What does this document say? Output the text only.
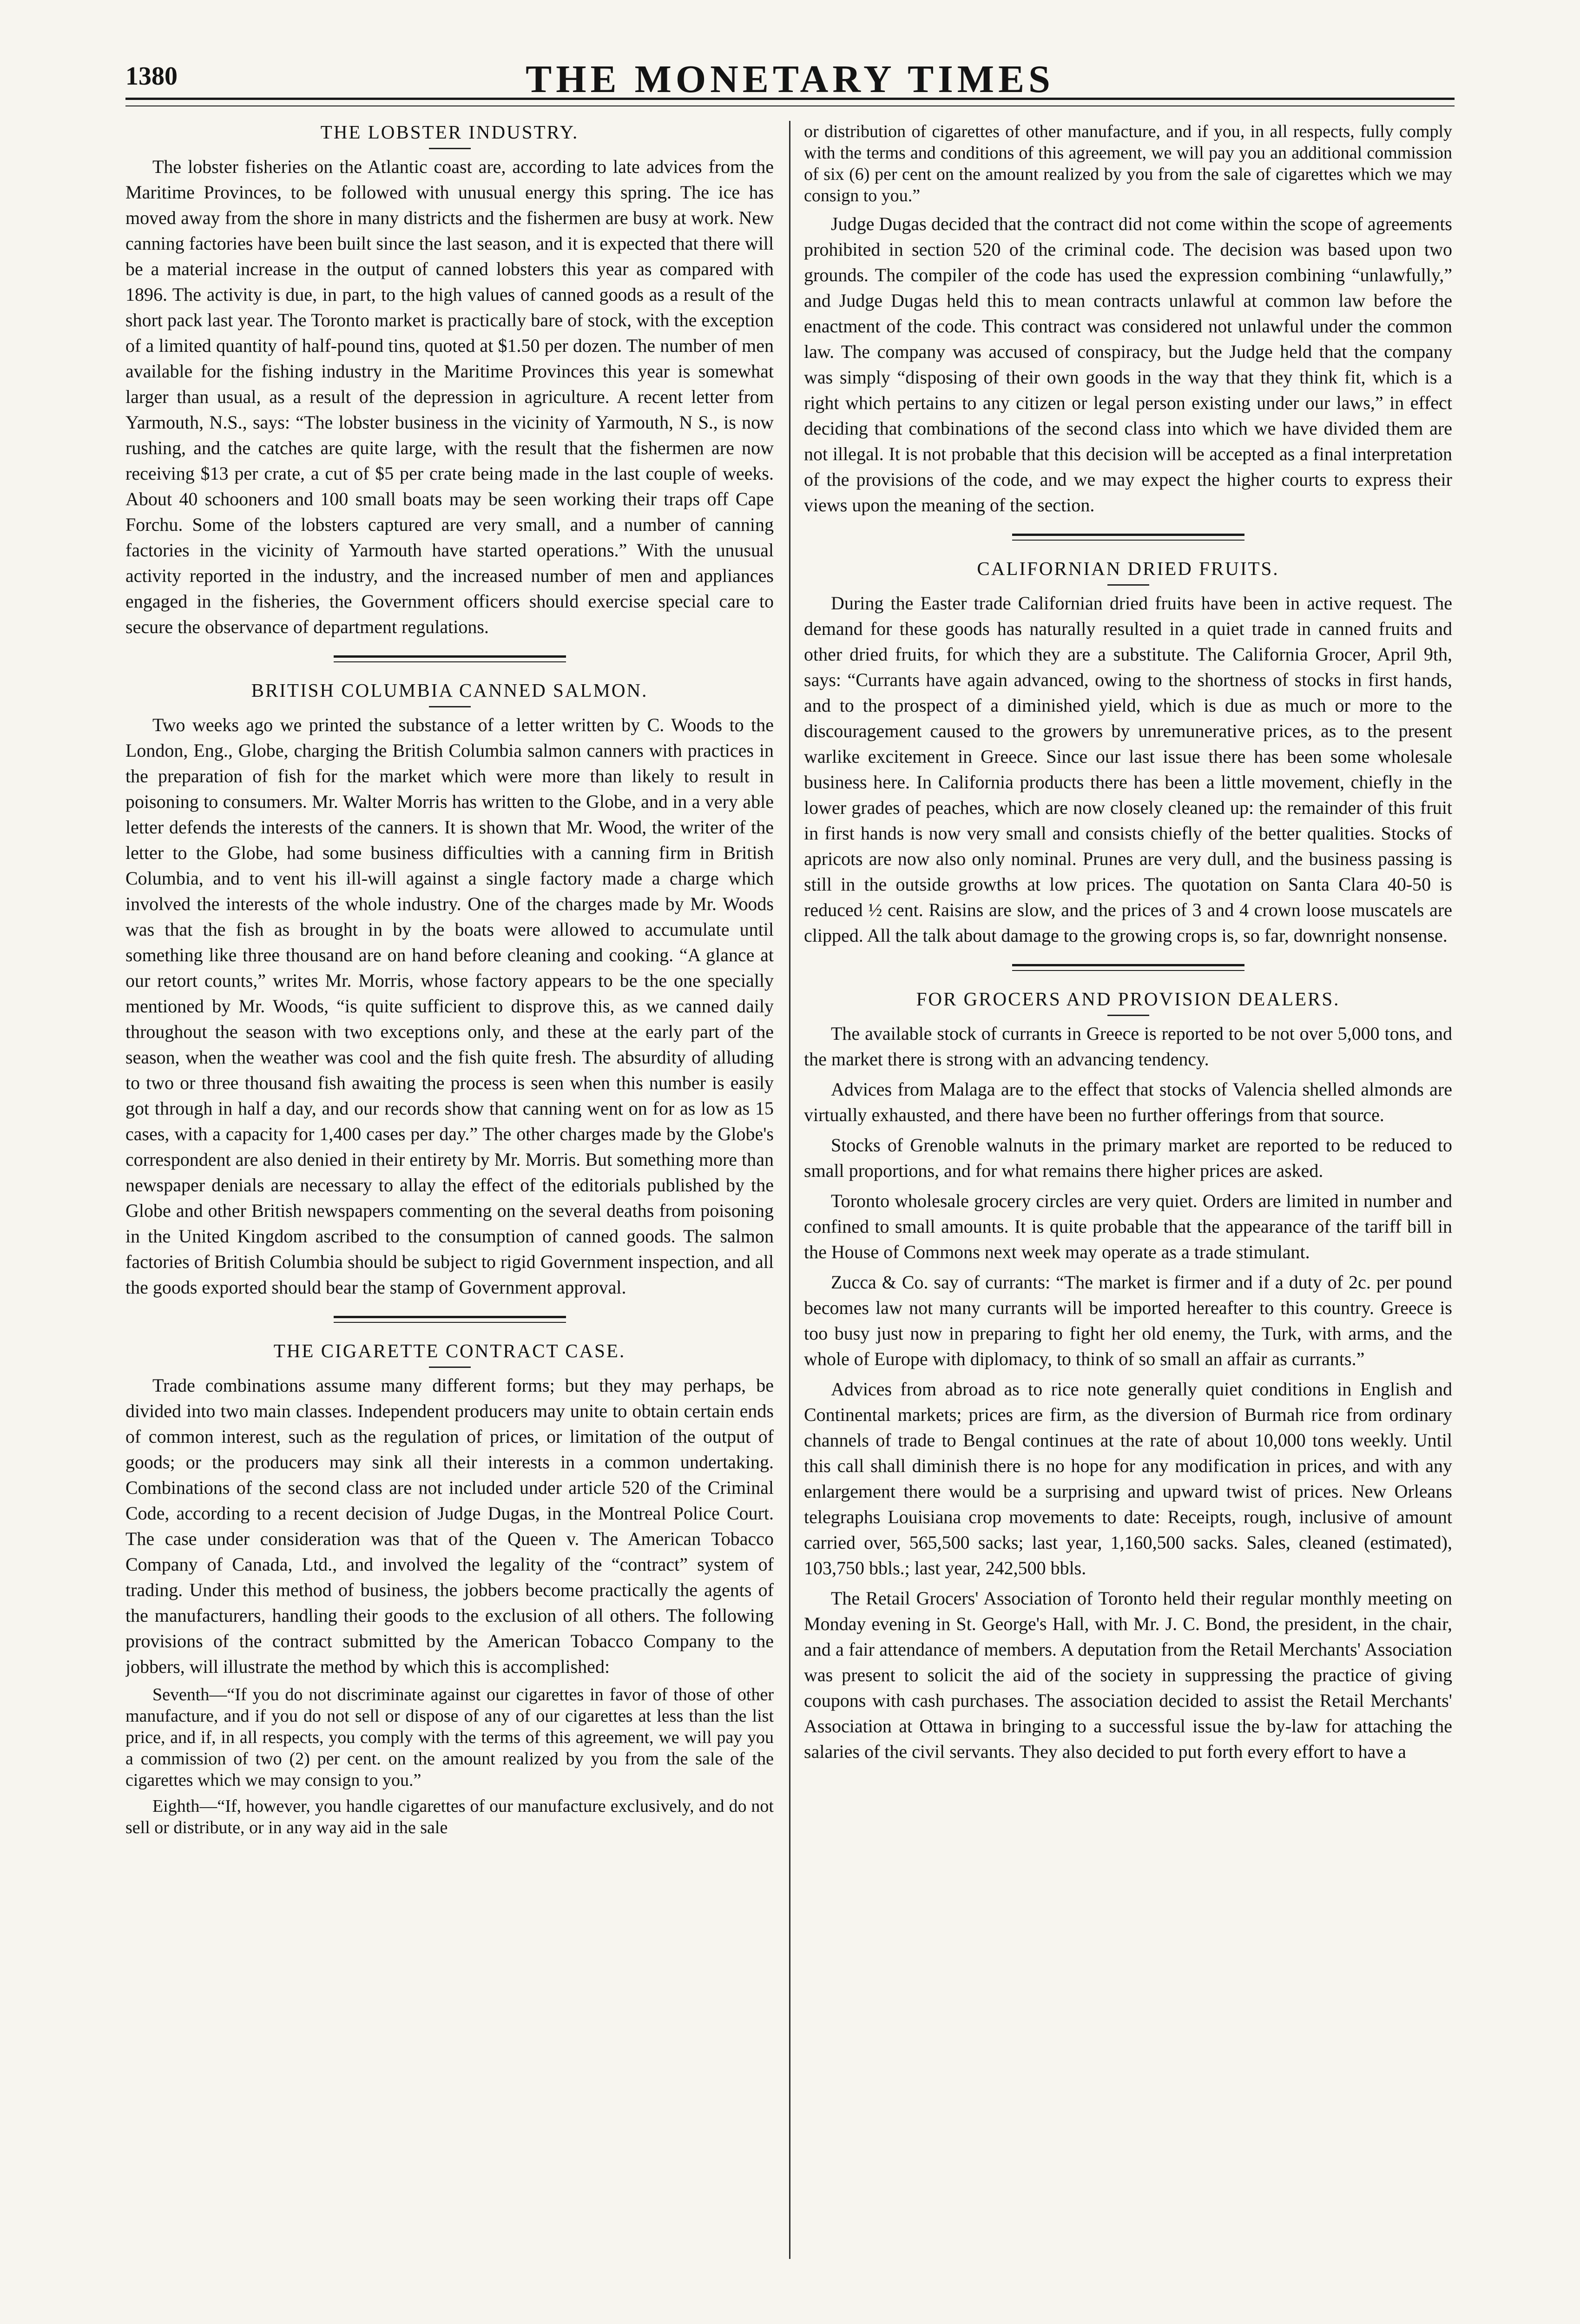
1380	THE MONETARY TIMES
THE LOBSTER INDUSTRY.

The lobster fisheries on the Atlantic coast are, according to late advices from the Maritime Provinces, to be followed with unusual energy this spring. The ice has moved away from the shore in many districts and the fishermen are busy at work. New canning factories have been built since the last season, and it is expected that there will be a material increase in the output of canned lobsters this year as compared with 1896. The activity is due, in part, to the high values of canned goods as a result of the short pack last year. The Toronto market is practically bare of stock, with the exception of a limited quantity of half-pound tins, quoted at $1.50 per dozen. The number of men available for the fishing industry in the Maritime Provinces this year is somewhat larger than usual, as a result of the depression in agriculture. A recent letter from Yarmouth, N.S., says: “The lobster business in the vicinity of Yarmouth, N S., is now rushing, and the catches are quite large, with the result that the fishermen are now receiving $13 per crate, a cut of $5 per crate being made in the last couple of weeks. About 40 schooners and 100 small boats may be seen working their traps off Cape Forchu. Some of the lobsters captured are very small, and a number of canning factories in the vicinity of Yarmouth have started operations.” With the unusual activity reported in the industry, and the increased number of men and appliances engaged in the fisheries, the Government officers should exercise special care to secure the observance of department regulations.

BRITISH COLUMBIA CANNED SALMON.

Two weeks ago we printed the substance of a letter written by C. Woods to the London, Eng., Globe, charging the British Columbia salmon canners with practices in the preparation of fish for the market which were more than likely to result in poisoning to consumers. Mr. Walter Morris has written to the Globe, and in a very able letter defends the interests of the canners. It is shown that Mr. Wood, the writer of the letter to the Globe, had some business difficulties with a canning firm in British Columbia, and to vent his ill-will against a single factory made a charge which involved the interests of the whole industry. One of the charges made by Mr. Woods was that the fish as brought in by the boats were allowed to accumulate until something like three thousand are on hand before cleaning and cooking. “A glance at our retort counts,” writes Mr. Morris, whose factory appears to be the one specially mentioned by Mr. Woods, “is quite sufficient to disprove this, as we canned daily throughout the season with two exceptions only, and these at the early part of the season, when the weather was cool and the fish quite fresh. The absurdity of alluding to two or three thousand fish awaiting the process is seen when this number is easily got through in half a day, and our records show that canning went on for as low as 15 cases, with a capacity for 1,400 cases per day.” The other charges made by the Globe's correspondent are also denied in their entirety by Mr. Morris. But something more than newspaper denials are necessary to allay the effect of the editorials published by the Globe and other British newspapers commenting on the several deaths from poisoning in the United Kingdom ascribed to the consumption of canned goods. The salmon factories of British Columbia should be subject to rigid Government inspection, and all the goods exported should bear the stamp of Government approval.

THE CIGARETTE CONTRACT CASE.

Trade combinations assume many different forms; but they may perhaps, be divided into two main classes. Independent producers may unite to obtain certain ends of common interest, such as the regulation of prices, or limitation of the output of goods; or the producers may sink all their interests in a common undertaking. Combinations of the second class are not included under article 520 of the Criminal Code, according to a recent decision of Judge Dugas, in the Montreal Police Court. The case under consideration was that of the Queen v. The American Tobacco Company of Canada, Ltd., and involved the legality of the “contract” system of trading. Under this method of business, the jobbers become practically the agents of the manufacturers, handling their goods to the exclusion of all others. The following provisions of the contract submitted by the American Tobacco Company to the jobbers, will illustrate the method by which this is accomplished:

Seventh—“If you do not discriminate against our cigarettes in favor of those of other manufacture, and if you do not sell or dispose of any of our cigarettes at less than the list price, and if, in all respects, you comply with the terms of this agreement, we will pay you a commission of two (2) per cent. on the amount realized by you from the sale of the cigarettes which we may consign to you.”

Eighth—“If, however, you handle cigarettes of our manufacture exclusively, and do not sell or distribute, or in any way aid in the sale

or distribution of cigarettes of other manufacture, and if you, in all respects, fully comply with the terms and conditions of this agreement, we will pay you an additional commission of six (6) per cent on the amount realized by you from the sale of cigarettes which we may consign to you.”

Judge Dugas decided that the contract did not come within the scope of agreements prohibited in section 520 of the criminal code. The decision was based upon two grounds. The compiler of the code has used the expression combining “unlawfully,” and Judge Dugas held this to mean contracts unlawful at common law before the enactment of the code. This contract was considered not unlawful under the common law. The company was accused of conspiracy, but the Judge held that the company was simply “disposing of their own goods in the way that they think fit, which is a right which pertains to any citizen or legal person existing under our laws,” in effect deciding that combinations of the second class into which we have divided them are not illegal. It is not probable that this decision will be accepted as a final interpretation of the provisions of the code, and we may expect the higher courts to express their views upon the meaning of the section.

CALIFORNIAN DRIED FRUITS.

During the Easter trade Californian dried fruits have been in active request. The demand for these goods has naturally resulted in a quiet trade in canned fruits and other dried fruits, for which they are a substitute. The California Grocer, April 9th, says: “Currants have again advanced, owing to the shortness of stocks in first hands, and to the prospect of a diminished yield, which is due as much or more to the discouragement caused to the growers by unremunerative prices, as to the present warlike excitement in Greece. Since our last issue there has been some wholesale business here. In California products there has been a little movement, chiefly in the lower grades of peaches, which are now closely cleaned up: the remainder of this fruit in first hands is now very small and consists chiefly of the better qualities. Stocks of apricots are now also only nominal. Prunes are very dull, and the business passing is still in the outside growths at low prices. The quotation on Santa Clara 40-50 is reduced ½ cent. Raisins are slow, and the prices of 3 and 4 crown loose muscatels are clipped. All the talk about damage to the growing crops is, so far, downright nonsense.

FOR GROCERS AND PROVISION DEALERS.

The available stock of currants in Greece is reported to be not over 5,000 tons, and the market there is strong with an advancing tendency.

Advices from Malaga are to the effect that stocks of Valencia shelled almonds are virtually exhausted, and there have been no further offerings from that source.

Stocks of Grenoble walnuts in the primary market are reported to be reduced to small proportions, and for what remains there higher prices are asked.

Toronto wholesale grocery circles are very quiet. Orders are limited in number and confined to small amounts. It is quite probable that the appearance of the tariff bill in the House of Commons next week may operate as a trade stimulant.

Zucca & Co. say of currants: “The market is firmer and if a duty of 2c. per pound becomes law not many currants will be imported hereafter to this country. Greece is too busy just now in preparing to fight her old enemy, the Turk, with arms, and the whole of Europe with diplomacy, to think of so small an affair as currants.”

Advices from abroad as to rice note generally quiet conditions in English and Continental markets; prices are firm, as the diversion of Burmah rice from ordinary channels of trade to Bengal continues at the rate of about 10,000 tons weekly. Until this call shall diminish there is no hope for any modification in prices, and with any enlargement there would be a surprising and upward twist of prices. New Orleans telegraphs Louisiana crop movements to date: Receipts, rough, inclusive of amount carried over, 565,500 sacks; last year, 1,160,500 sacks. Sales, cleaned (estimated), 103,750 bbls.; last year, 242,500 bbls.

The Retail Grocers' Association of Toronto held their regular monthly meeting on Monday evening in St. George's Hall, with Mr. J. C. Bond, the president, in the chair, and a fair attendance of members. A deputation from the Retail Merchants' Association was present to solicit the aid of the society in suppressing the practice of giving coupons with cash purchases. The association decided to assist the Retail Merchants' Association at Ottawa in bringing to a successful issue the by-law for attaching the salaries of the civil servants. They also decided to put forth every effort to have a
